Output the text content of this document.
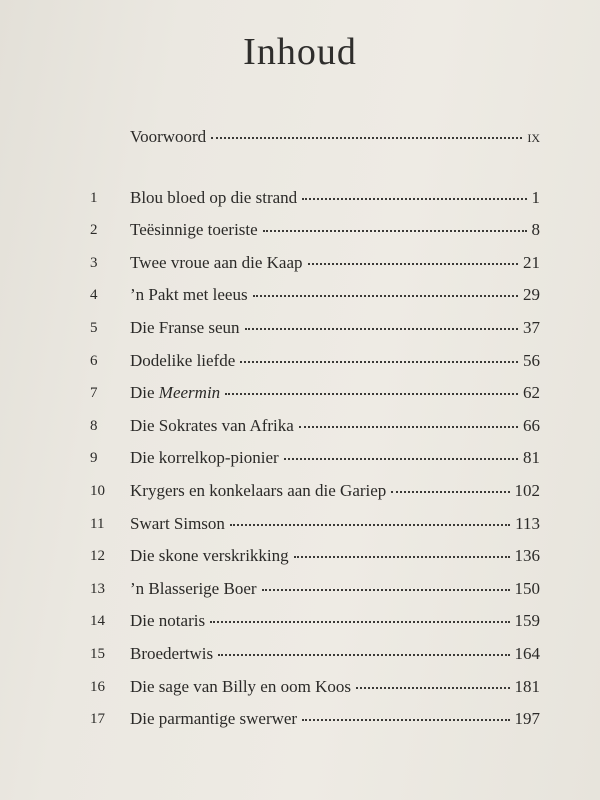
Inhoud
Voorwoord	ix
1	Blou bloed op die strand	1
2	Teësinnige toeriste	8
3	Twee vroue aan die Kaap	21
4	’n Pakt met leeus	29
5	Die Franse seun	37
6	Dodelike liefde	56
7	Die Meermin	62
8	Die Sokrates van Afrika	66
9	Die korrelkop-pionier	81
10	Krygers en konkelaars aan die Gariep	102
11	Swart Simson	113
12	Die skone verskrikking	136
13	’n Blasserige Boer	150
14	Die notaris	159
15	Broedertwis	164
16	Die sage van Billy en oom Koos	181
17	Die parmantige swerwer	197
